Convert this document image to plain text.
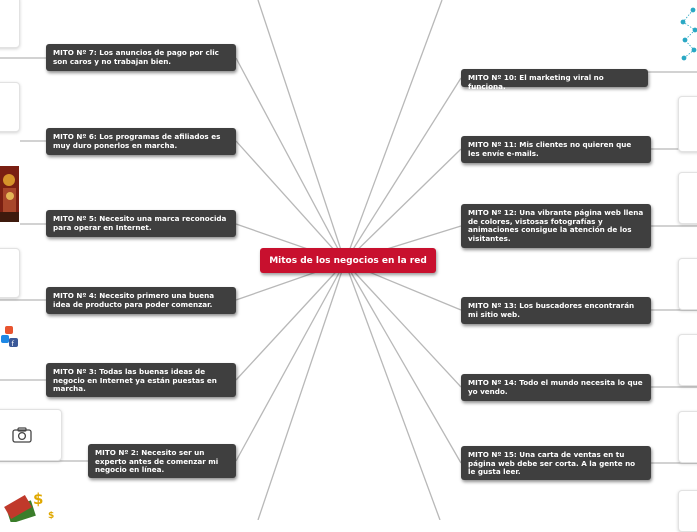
f
$
$
Mitos de los negocios en la red
MITO Nº 7: Los anuncios de pago por clic son caros y no trabajan bien.
MITO Nº 6: Los programas de afiliados es muy duro ponerlos en marcha.
MITO Nº 5: Necesito una marca reconocida para operar en Internet.
MITO Nº 4: Necesito primero una buena idea de producto para poder comenzar.
MITO Nº 3: Todas las buenas ideas de negocio en Internet ya están puestas en marcha.
MITO Nº 2: Necesito ser un experto antes de comenzar mi negocio en línea.
MITO Nº 10: El marketing viral no funciona.
MITO Nº 11: Mis clientes no quieren que les envíe e-mails.
MITO Nº 12: Una vibrante página web llena de colores, vistosas fotografías y animaciones consigue la atención de los visitantes.
MITO Nº 13: Los buscadores encontrarán mi sitio web.
MITO Nº 14: Todo el mundo necesita lo que yo vendo.
MITO Nº 15: Una carta de ventas en tu página web debe ser corta. A la gente no le gusta leer.
